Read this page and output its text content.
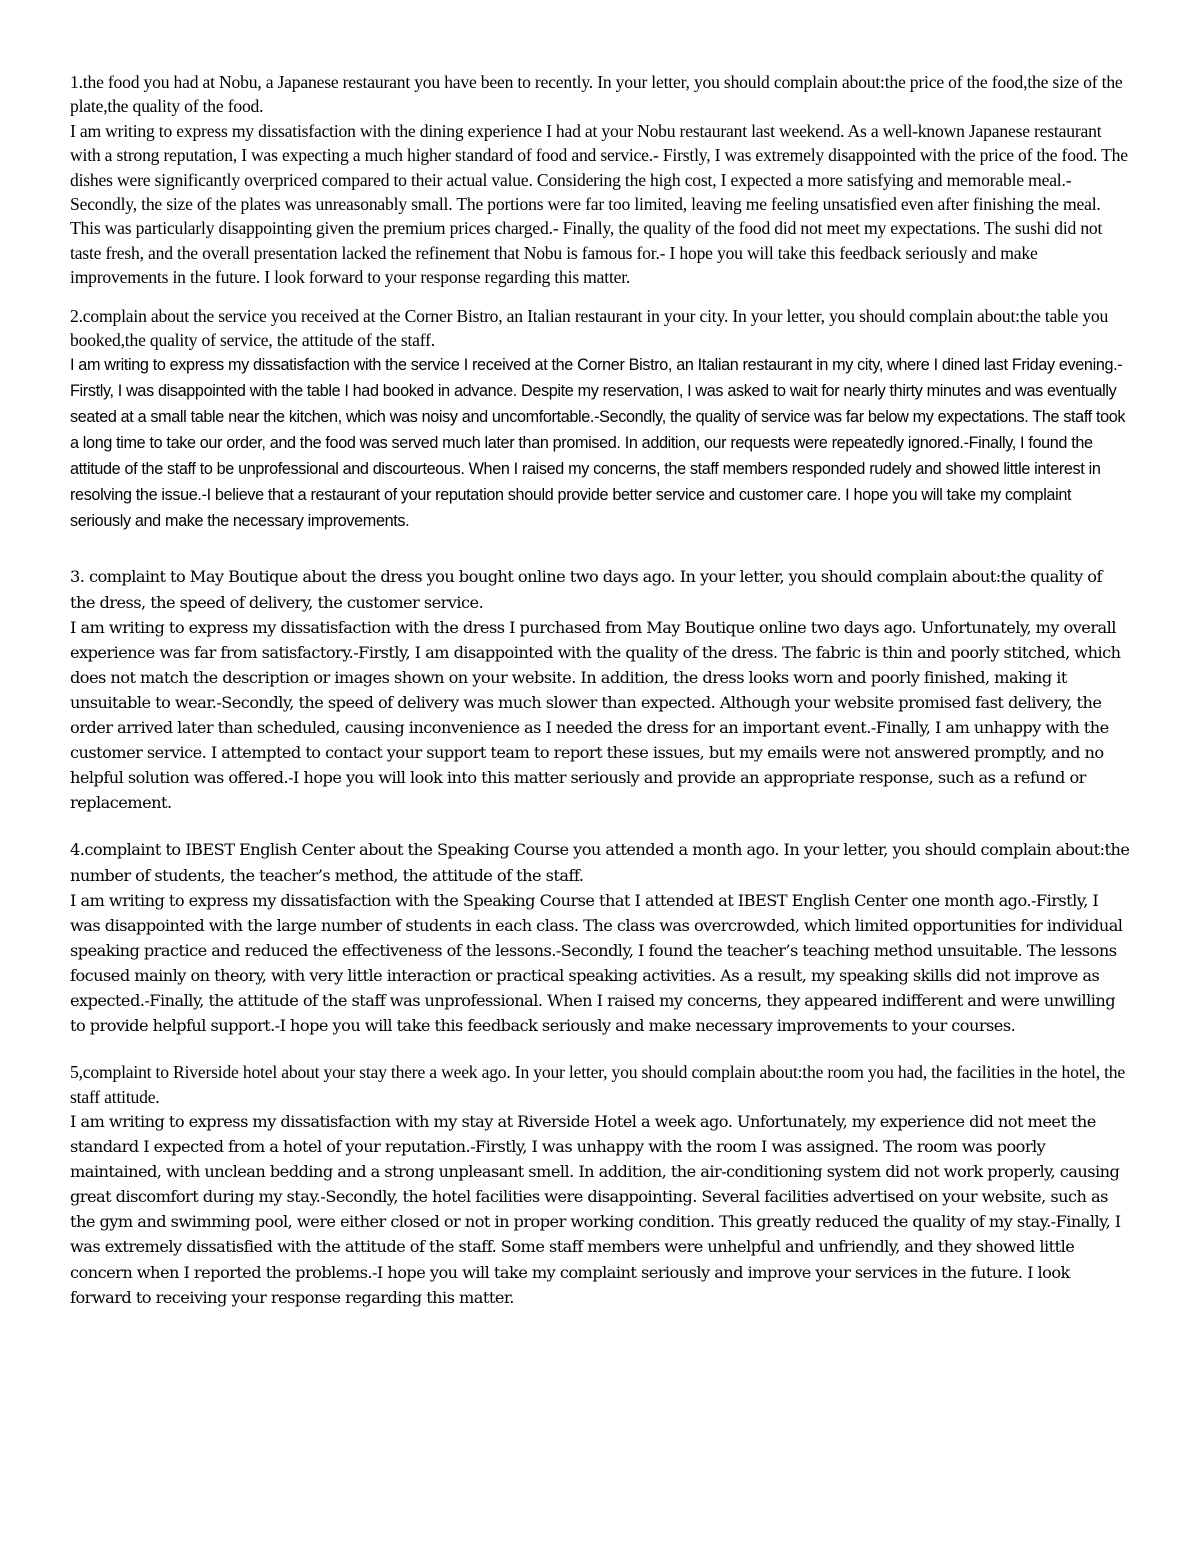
1.the food you had at Nobu, a Japanese restaurant you have been to recently. In your letter, you should complain about:the price of the food,the size of the plate,the quality of the food.

I am writing to express my dissatisfaction with the dining experience I had at your Nobu restaurant last weekend. As a well-known Japanese restaurant with a strong reputation, I was expecting a much higher standard of food and service.- Firstly, I was extremely disappointed with the price of the food. The dishes were significantly overpriced compared to their actual value. Considering the high cost, I expected a more satisfying and memorable meal.- Secondly, the size of the plates was unreasonably small. The portions were far too limited, leaving me feeling unsatisfied even after finishing the meal. This was particularly disappointing given the premium prices charged.- Finally, the quality of the food did not meet my expectations. The sushi did not taste fresh, and the overall presentation lacked the refinement that Nobu is famous for.- I hope you will take this feedback seriously and make improvements in the future. I look forward to your response regarding this matter.

2.complain about the service you received at the Corner Bistro, an Italian restaurant in your city. In your letter, you should complain about:the table you booked,the quality of service, the attitude of the staff.

I am writing to express my dissatisfaction with the service I received at the Corner Bistro, an Italian restaurant in my city, where I dined last Friday evening.-Firstly, I was disappointed with the table I had booked in advance. Despite my reservation, I was asked to wait for nearly thirty minutes and was eventually seated at a small table near the kitchen, which was noisy and uncomfortable.-Secondly, the quality of service was far below my expectations. The staff took a long time to take our order, and the food was served much later than promised. In addition, our requests were repeatedly ignored.-Finally, I found the attitude of the staff to be unprofessional and discourteous. When I raised my concerns, the staff members responded rudely and showed little interest in resolving the issue.-I believe that a restaurant of your reputation should provide better service and customer care. I hope you will take my complaint seriously and make the necessary improvements.

3. complaint to May Boutique about the dress you bought online two days ago. In your letter, you should complain about:the quality of the dress, the speed of delivery, the customer service.

I am writing to express my dissatisfaction with the dress I purchased from May Boutique online two days ago. Unfortunately, my overall experience was far from satisfactory.-Firstly, I am disappointed with the quality of the dress. The fabric is thin and poorly stitched, which does not match the description or images shown on your website. In addition, the dress looks worn and poorly finished, making it unsuitable to wear.-Secondly, the speed of delivery was much slower than expected. Although your website promised fast delivery, the order arrived later than scheduled, causing inconvenience as I needed the dress for an important event.-Finally, I am unhappy with the customer service. I attempted to contact your support team to report these issues, but my emails were not answered promptly, and no helpful solution was offered.-I hope you will look into this matter seriously and provide an appropriate response, such as a refund or replacement.

4.complaint to IBEST English Center about the Speaking Course you attended a month ago. In your letter, you should complain about:the number of students, the teacher’s method, the attitude of the staff.

I am writing to express my dissatisfaction with the Speaking Course that I attended at IBEST English Center one month ago.-Firstly, I was disappointed with the large number of students in each class. The class was overcrowded, which limited opportunities for individual speaking practice and reduced the effectiveness of the lessons.-Secondly, I found the teacher’s teaching method unsuitable. The lessons focused mainly on theory, with very little interaction or practical speaking activities. As a result, my speaking skills did not improve as expected.-Finally, the attitude of the staff was unprofessional. When I raised my concerns, they appeared indifferent and were unwilling to provide helpful support.-I hope you will take this feedback seriously and make necessary improvements to your courses.

5,complaint to Riverside hotel about your stay there a week ago. In your letter, you should complain about:the room you had, the facilities in the hotel, the staff attitude.

I am writing to express my dissatisfaction with my stay at Riverside Hotel a week ago. Unfortunately, my experience did not meet the standard I expected from a hotel of your reputation.-Firstly, I was unhappy with the room I was assigned. The room was poorly maintained, with unclean bedding and a strong unpleasant smell. In addition, the air-conditioning system did not work properly, causing great discomfort during my stay.-Secondly, the hotel facilities were disappointing. Several facilities advertised on your website, such as the gym and swimming pool, were either closed or not in proper working condition. This greatly reduced the quality of my stay.-Finally, I was extremely dissatisfied with the attitude of the staff. Some staff members were unhelpful and unfriendly, and they showed little concern when I reported the problems.-I hope you will take my complaint seriously and improve your services in the future. I look forward to receiving your response regarding this matter.
